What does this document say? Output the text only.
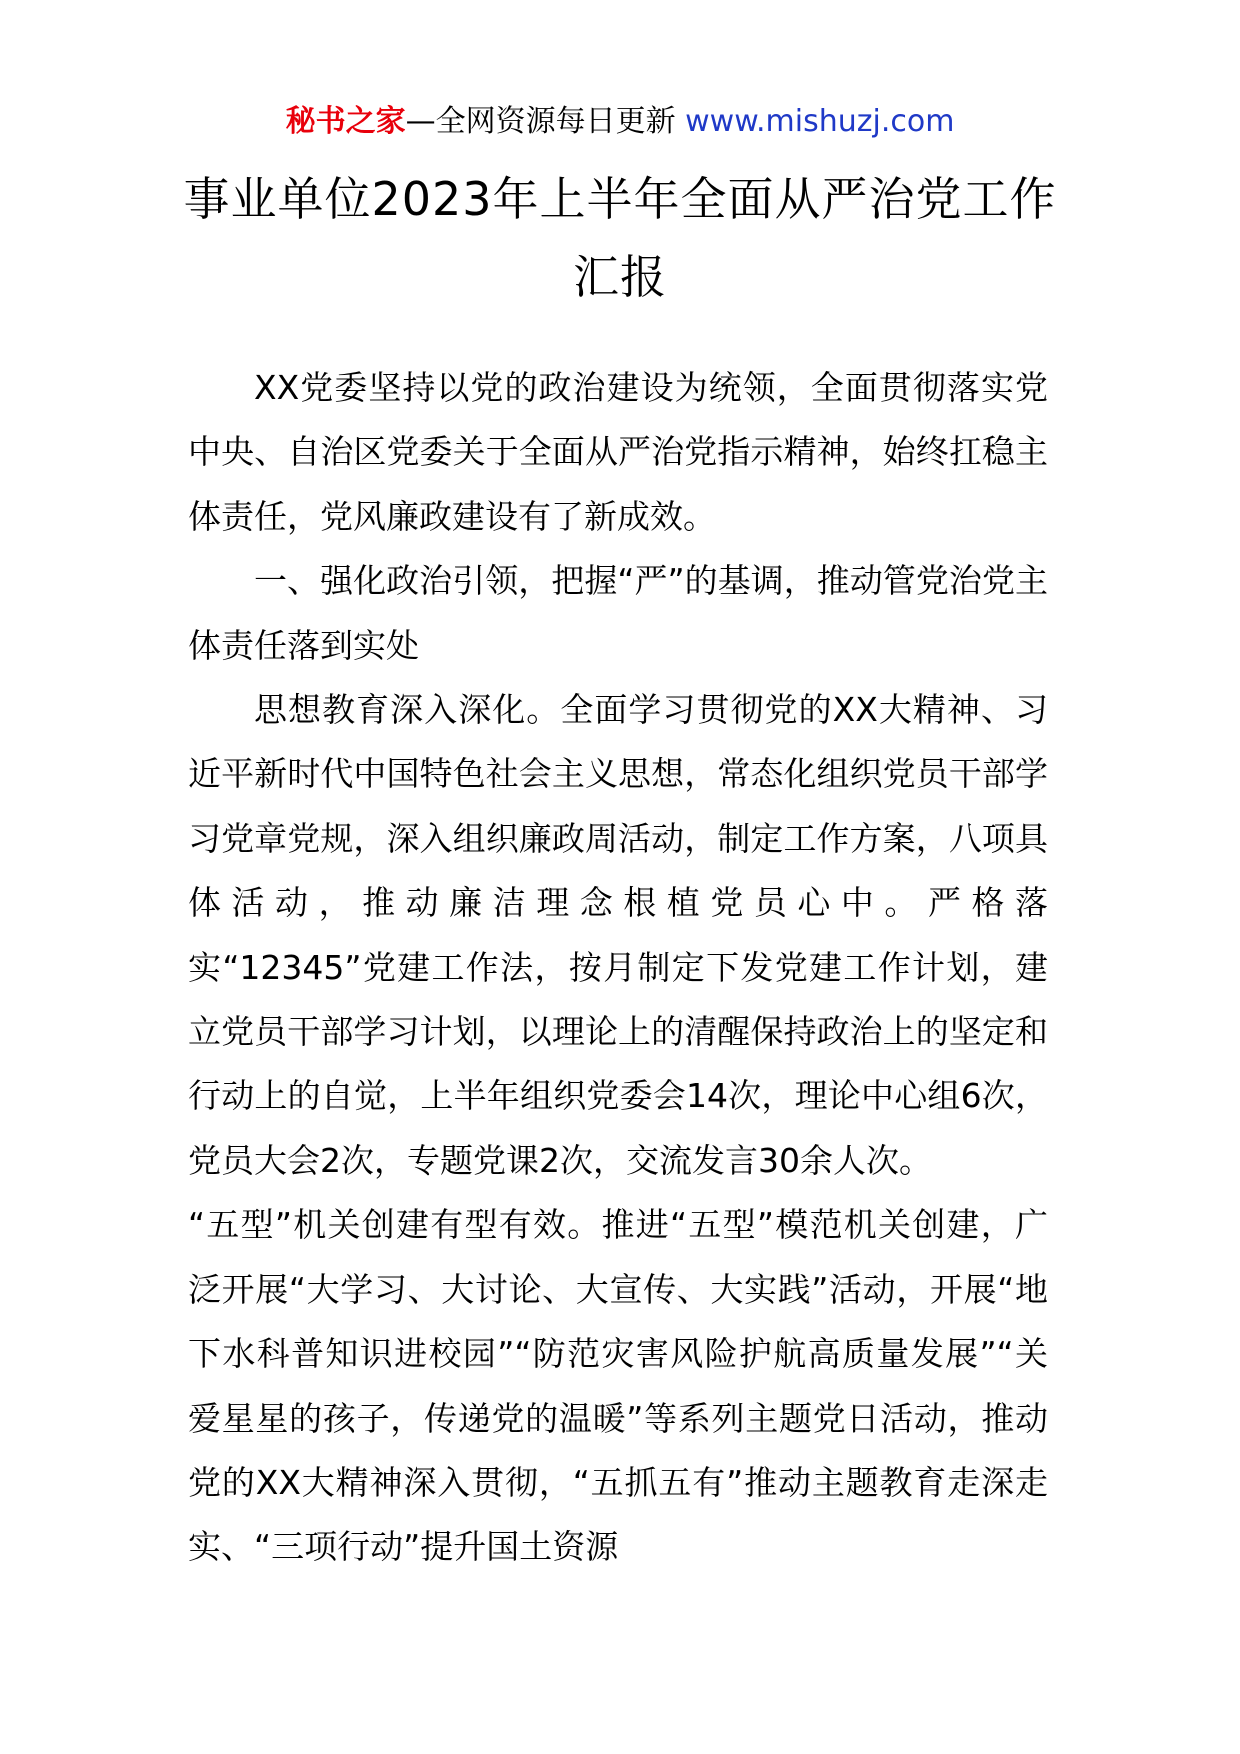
秘书之家—全网资源每日更新 www.mishuzj.com
事业单位2023年上半年全面从严治党工作汇报

XX党委坚持以党的政治建设为统领，全面贯彻落实党中央、自治区党委关于全面从严治党指示精神，始终扛稳主体责任，党风廉政建设有了新成效。

一、强化政治引领，把握“严”的基调，推动管党治党主体责任落到实处

思想教育深入深化。全面学习贯彻党的XX大精神、习近平新时代中国特色社会主义思想，常态化组织党员干部学习党章党规，深入组织廉政周活动，制定工作方案，八项具体活动，推动廉洁理念根植党员心中。严格落实“12345”党建工作法，按月制定下发党建工作计划，建立党员干部学习计划，以理论上的清醒保持政治上的坚定和行动上的自觉，上半年组织党委会14次，理论中心组6次，党员大会2次，专题党课2次，交流发言30余人次。

“五型”机关创建有型有效。推进“五型”模范机关创建，广泛开展“大学习、大讨论、大宣传、大实践”活动，开展“地下水科普知识进校园”“防范灾害风险护航高质量发展”“关爱星星的孩子，传递党的温暖”等系列主题党日活动，推动党的XX大精神深入贯彻，“五抓五有”推动主题教育走深走实、“三项行动”提升国土资源
